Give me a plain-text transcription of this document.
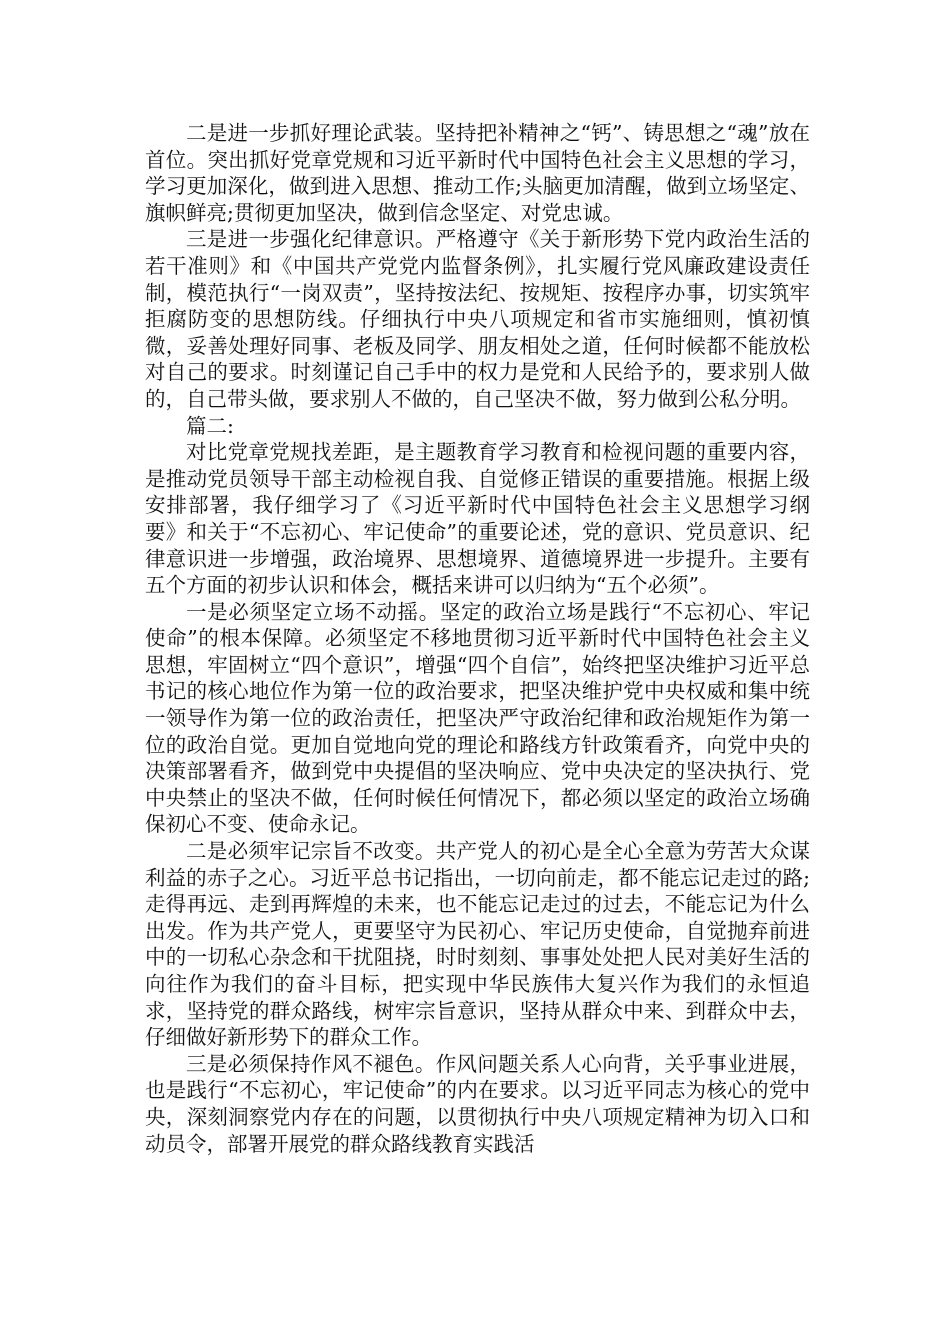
二是进一步抓好理论武装。坚持把补精神之“钙”、铸思想之“魂”放在首位。突出抓好党章党规和习近平新时代中国特色社会主义思想的学习，学习更加深化，做到进入思想、推动工作;头脑更加清醒，做到立场坚定、旗帜鲜亮;贯彻更加坚决，做到信念坚定、对党忠诚。

三是进一步强化纪律意识。严格遵守《关于新形势下党内政治生活的若干准则》和《中国共产党党内监督条例》，扎实履行党风廉政建设责任制，模范执行“一岗双责”，坚持按法纪、按规矩、按程序办事，切实筑牢拒腐防变的思想防线。仔细执行中央八项规定和省市实施细则，慎初慎微，妥善处理好同事、老板及同学、朋友相处之道，任何时候都不能放松对自己的要求。时刻谨记自己手中的权力是党和人民给予的，要求别人做的，自己带头做，要求别人不做的，自己坚决不做，努力做到公私分明。

篇二:

对比党章党规找差距，是主题教育学习教育和检视问题的重要内容，是推动党员领导干部主动检视自我、自觉修正错误的重要措施。根据上级安排部署，我仔细学习了《习近平新时代中国特色社会主义思想学习纲要》和关于“不忘初心、牢记使命”的重要论述，党的意识、党员意识、纪律意识进一步增强，政治境界、思想境界、道德境界进一步提升。主要有五个方面的初步认识和体会，概括来讲可以归纳为“五个必须”。

一是必须坚定立场不动摇。坚定的政治立场是践行“不忘初心、牢记使命”的根本保障。必须坚定不移地贯彻习近平新时代中国特色社会主义思想，牢固树立“四个意识”，增强“四个自信”，始终把坚决维护习近平总书记的核心地位作为第一位的政治要求，把坚决维护党中央权威和集中统一领导作为第一位的政治责任，把坚决严守政治纪律和政治规矩作为第一位的政治自觉。更加自觉地向党的理论和路线方针政策看齐，向党中央的决策部署看齐，做到党中央提倡的坚决响应、党中央决定的坚决执行、党中央禁止的坚决不做，任何时候任何情况下，都必须以坚定的政治立场确保初心不变、使命永记。

二是必须牢记宗旨不改变。共产党人的初心是全心全意为劳苦大众谋利益的赤子之心。习近平总书记指出，一切向前走，都不能忘记走过的路;走得再远、走到再辉煌的未来，也不能忘记走过的过去，不能忘记为什么出发。作为共产党人，更要坚守为民初心、牢记历史使命，自觉抛弃前进中的一切私心杂念和干扰阻挠，时时刻刻、事事处处把人民对美好生活的向往作为我们的奋斗目标，把实现中华民族伟大复兴作为我们的永恒追求，坚持党的群众路线，树牢宗旨意识，坚持从群众中来、到群众中去，仔细做好新形势下的群众工作。

三是必须保持作风不褪色。作风问题关系人心向背，关乎事业进展，也是践行“不忘初心，牢记使命”的内在要求。以习近平同志为核心的党中央，深刻洞察党内存在的问题，以贯彻执行中央八项规定精神为切入口和动员令，部署开展党的群众路线教育实践活
